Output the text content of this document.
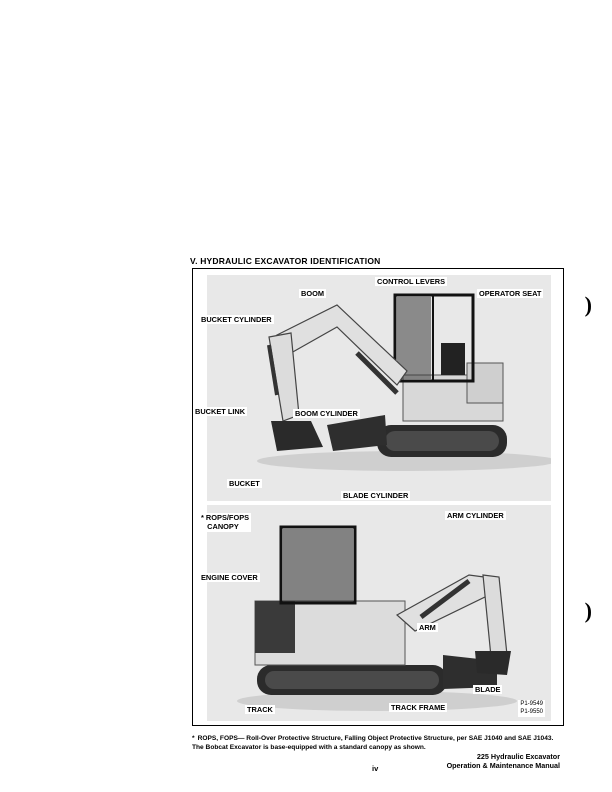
V. HYDRAULIC EXCAVATOR IDENTIFICATION
CONTROL LEVERS
BOOM	OPERATOR SEAT
BUCKET CYLINDER
BUCKET LINK	BOOM CYLINDER
BUCKET
BLADE CYLINDER
* ROPS/FOPS
CANOPY
ARM CYLINDER
ENGINE COVER
ARM
BLADE
TRACK	TRACK FRAME	P1-9549
P1-9550
* ROPS, FOPS— Roll-Over Protective Structure, Falling Object Protective Structure, per SAE J1040 and SAE J1043. The Bobcat Excavator is base-equipped with a standard canopy as shown.
iv
225 Hydraulic Excavator
Operation & Maintenance Manual
)
)
